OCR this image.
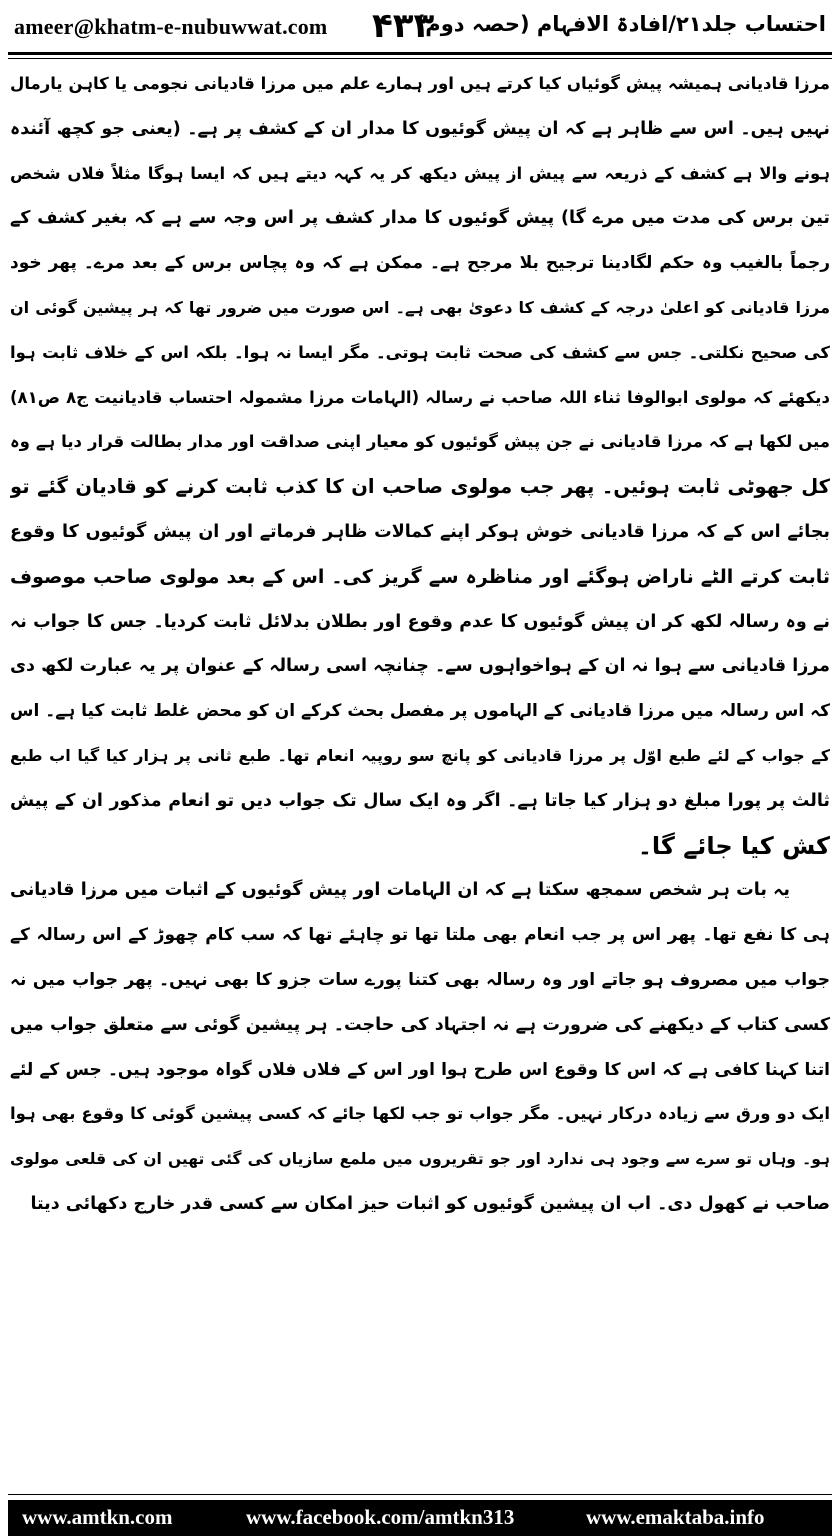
ameer@khatm-e-nubuwwat.com ۴۳۳
احتساب جلد۲۱/افادۃ الافہام (حصہ دوم)
مرزا قادیانی ہمیشہ پیش گوئیاں کیا کرتے ہیں اور ہمارے علم میں مرزا قادیانی نجومی یا کاہن یارمال
نہیں ہیں۔ اس سے ظاہر ہے کہ ان پیش گوئیوں کا مدار ان کے کشف پر ہے۔ (یعنی جو کچھ آئندہ
ہونے والا ہے کشف کے ذریعہ سے پیش از پیش دیکھ کر یہ کہہ دیتے ہیں کہ ایسا ہوگا مثلاً فلاں شخص
تین برس کی مدت میں مرے گا) پیش گوئیوں کا مدار کشف پر اس وجہ سے ہے کہ بغیر کشف کے
رجماً بالغیب وہ حکم لگادینا ترجیح بلا مرجح ہے۔ ممکن ہے کہ وہ پچاس برس کے بعد مرے۔ پھر خود
مرزا قادیانی کو اعلیٰ درجہ کے کشف کا دعویٰ بھی ہے۔ اس صورت میں ضرور تھا کہ ہر پیشین گوئی ان
کی صحیح نکلتی۔ جس سے کشف کی صحت ثابت ہوتی۔ مگر ایسا نہ ہوا۔ بلکہ اس کے خلاف ثابت ہوا
دیکھئے کہ مولوی ابوالوفا ثناء اللہ صاحب نے رسالہ (الہامات مرزا مشمولہ احتساب قادیانیت ج۸ ص۸۱)
میں لکھا ہے کہ مرزا قادیانی نے جن پیش گوئیوں کو معیار اپنی صداقت اور مدار بطالت قرار دیا ہے وہ
کل جھوٹی ثابت ہوئیں۔ پھر جب مولوی صاحب ان کا کذب ثابت کرنے کو قادیان گئے تو
بجائے اس کے کہ مرزا قادیانی خوش ہوکر اپنے کمالات ظاہر فرماتے اور ان پیش گوئیوں کا وقوع
ثابت کرتے الٹے ناراض ہوگئے اور مناظرہ سے گریز کی۔ اس کے بعد مولوی صاحب موصوف
نے وہ رسالہ لکھ کر ان پیش گوئیوں کا عدم وقوع اور بطلان بدلائل ثابت کردیا۔ جس کا جواب نہ
مرزا قادیانی سے ہوا نہ ان کے ہواخواہوں سے۔ چنانچہ اسی رسالہ کے عنوان پر یہ عبارت لکھ دی
کہ اس رسالہ میں مرزا قادیانی کے الہاموں پر مفصل بحث کرکے ان کو محض غلط ثابت کیا ہے۔ اس
کے جواب کے لئے طبع اوّل پر مرزا قادیانی کو پانچ سو روپیہ انعام تھا۔ طبع ثانی پر ہزار کیا گیا اب طبع
ثالث پر پورا مبلغ دو ہزار کیا جاتا ہے۔ اگر وہ ایک سال تک جواب دیں تو انعام مذکور ان کے پیش
کش کیا جائے گا۔
یہ بات ہر شخص سمجھ سکتا ہے کہ ان الہامات اور پیش گوئیوں کے اثبات میں مرزا قادیانی
ہی کا نفع تھا۔ پھر اس پر جب انعام بھی ملتا تھا تو چاہئے تھا کہ سب کام چھوڑ کے اس رسالہ کے
جواب میں مصروف ہو جاتے اور وہ رسالہ بھی کتنا پورے سات جزو کا بھی نہیں۔ پھر جواب میں نہ
کسی کتاب کے دیکھنے کی ضرورت ہے نہ اجتہاد کی حاجت۔ ہر پیشین گوئی سے متعلق جواب میں
اتنا کہنا کافی ہے کہ اس کا وقوع اس طرح ہوا اور اس کے فلاں فلاں گواہ موجود ہیں۔ جس کے لئے
ایک دو ورق سے زیادہ درکار نہیں۔ مگر جواب تو جب لکھا جائے کہ کسی پیشین گوئی کا وقوع بھی ہوا
ہو۔ وہاں تو سرے سے وجود ہی ندارد اور جو تقریروں میں ملمع سازیاں کی گئی تھیں ان کی قلعی مولوی
صاحب نے کھول دی۔ اب ان پیشین گوئیوں کو اثبات حیز امکان سے کسی قدر خارج دکھائی دیتا
www.amtkn.com	www.facebook.com/amtkn313	www.emaktaba.info
